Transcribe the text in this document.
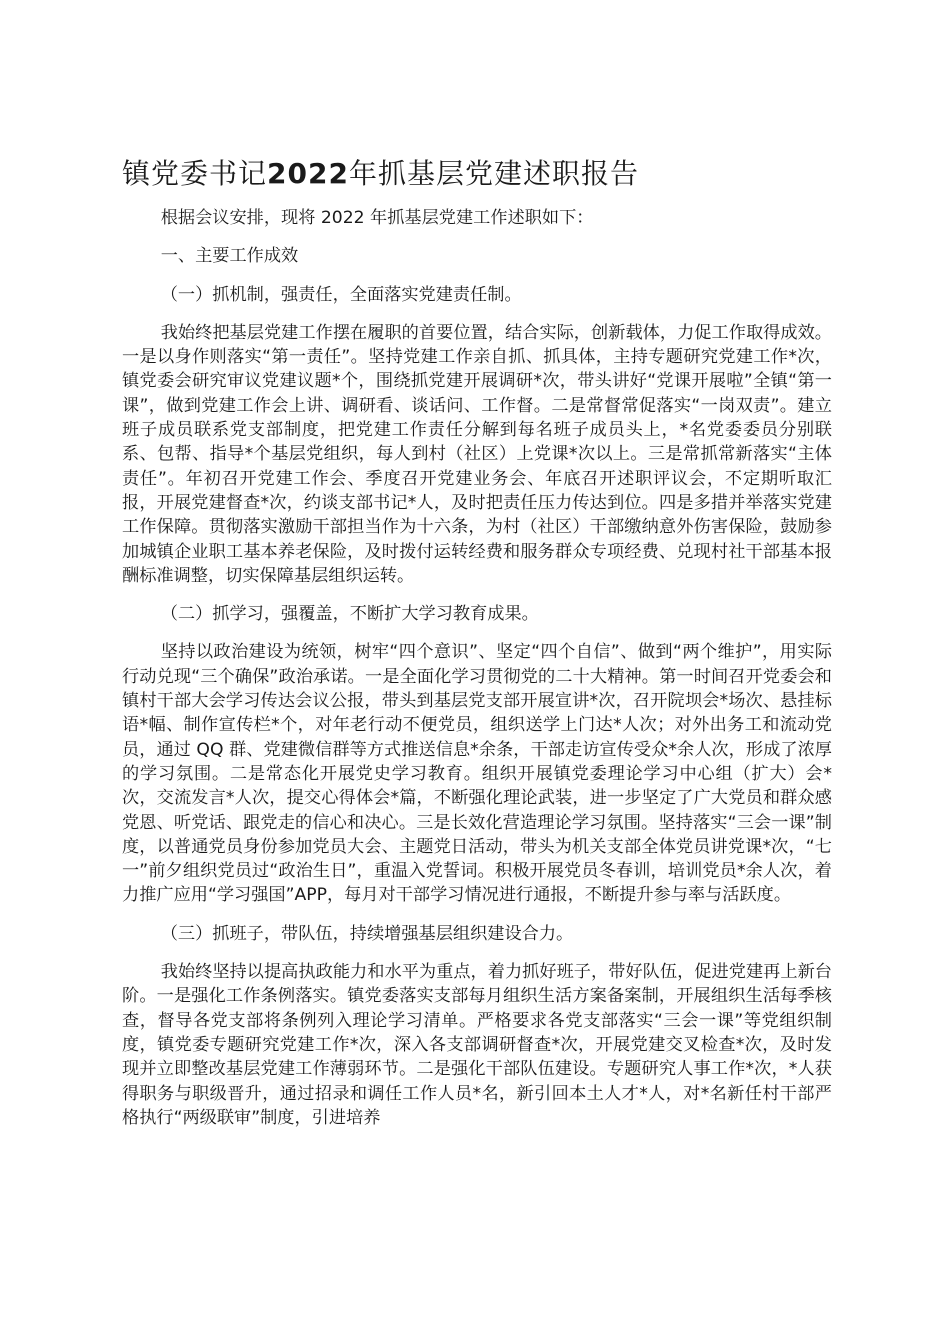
镇党委书记2022年抓基层党建述职报告

根据会议安排，现将 2022 年抓基层党建工作述职如下：

一、主要工作成效

（一）抓机制，强责任，全面落实党建责任制。

我始终把基层党建工作摆在履职的首要位置，结合实际，创新载体，力促工作取得成效。一是以身作则落实“第一责任”。坚持党建工作亲自抓、抓具体，主持专题研究党建工作*次，镇党委会研究审议党建议题*个，围绕抓党建开展调研*次，带头讲好“党课开展啦”全镇“第一课”，做到党建工作会上讲、调研看、谈话问、工作督。二是常督常促落实“一岗双责”。建立班子成员联系党支部制度，把党建工作责任分解到每名班子成员头上，*名党委委员分别联系、包帮、指导*个基层党组织，每人到村（社区）上党课*次以上。三是常抓常新落实“主体责任”。年初召开党建工作会、季度召开党建业务会、年底召开述职评议会，不定期听取汇报，开展党建督查*次，约谈支部书记*人，及时把责任压力传达到位。四是多措并举落实党建工作保障。贯彻落实激励干部担当作为十六条，为村（社区）干部缴纳意外伤害保险，鼓励参加城镇企业职工基本养老保险，及时拨付运转经费和服务群众专项经费、兑现村社干部基本报酬标准调整，切实保障基层组织运转。

（二）抓学习，强覆盖，不断扩大学习教育成果。

坚持以政治建设为统领，树牢“四个意识”、坚定“四个自信”、做到“两个维护”，用实际行动兑现“三个确保”政治承诺。一是全面化学习贯彻党的二十大精神。第一时间召开党委会和镇村干部大会学习传达会议公报，带头到基层党支部开展宣讲*次，召开院坝会*场次、悬挂标语*幅、制作宣传栏*个，对年老行动不便党员，组织送学上门达*人次；对外出务工和流动党员，通过 QQ 群、党建微信群等方式推送信息*余条，干部走访宣传受众*余人次，形成了浓厚的学习氛围。二是常态化开展党史学习教育。组织开展镇党委理论学习中心组（扩大）会*次，交流发言*人次，提交心得体会*篇，不断强化理论武装，进一步坚定了广大党员和群众感党恩、听党话、跟党走的信心和决心。三是长效化营造理论学习氛围。坚持落实“三会一课”制度，以普通党员身份参加党员大会、主题党日活动，带头为机关支部全体党员讲党课*次，“七一”前夕组织党员过“政治生日”，重温入党誓词。积极开展党员冬春训，培训党员*余人次，着力推广应用“学习强国”APP，每月对干部学习情况进行通报，不断提升参与率与活跃度。

（三）抓班子，带队伍，持续增强基层组织建设合力。

我始终坚持以提高执政能力和水平为重点，着力抓好班子，带好队伍，促进党建再上新台阶。一是强化工作条例落实。镇党委落实支部每月组织生活方案备案制，开展组织生活每季核查，督导各党支部将条例列入理论学习清单。严格要求各党支部落实“三会一课”等党组织制度，镇党委专题研究党建工作*次，深入各支部调研督查*次，开展党建交叉检查*次，及时发现并立即整改基层党建工作薄弱环节。二是强化干部队伍建设。专题研究人事工作*次，*人获得职务与职级晋升，通过招录和调任工作人员*名，新引回本土人才*人，对*名新任村干部严格执行“两级联审”制度，引进培养
